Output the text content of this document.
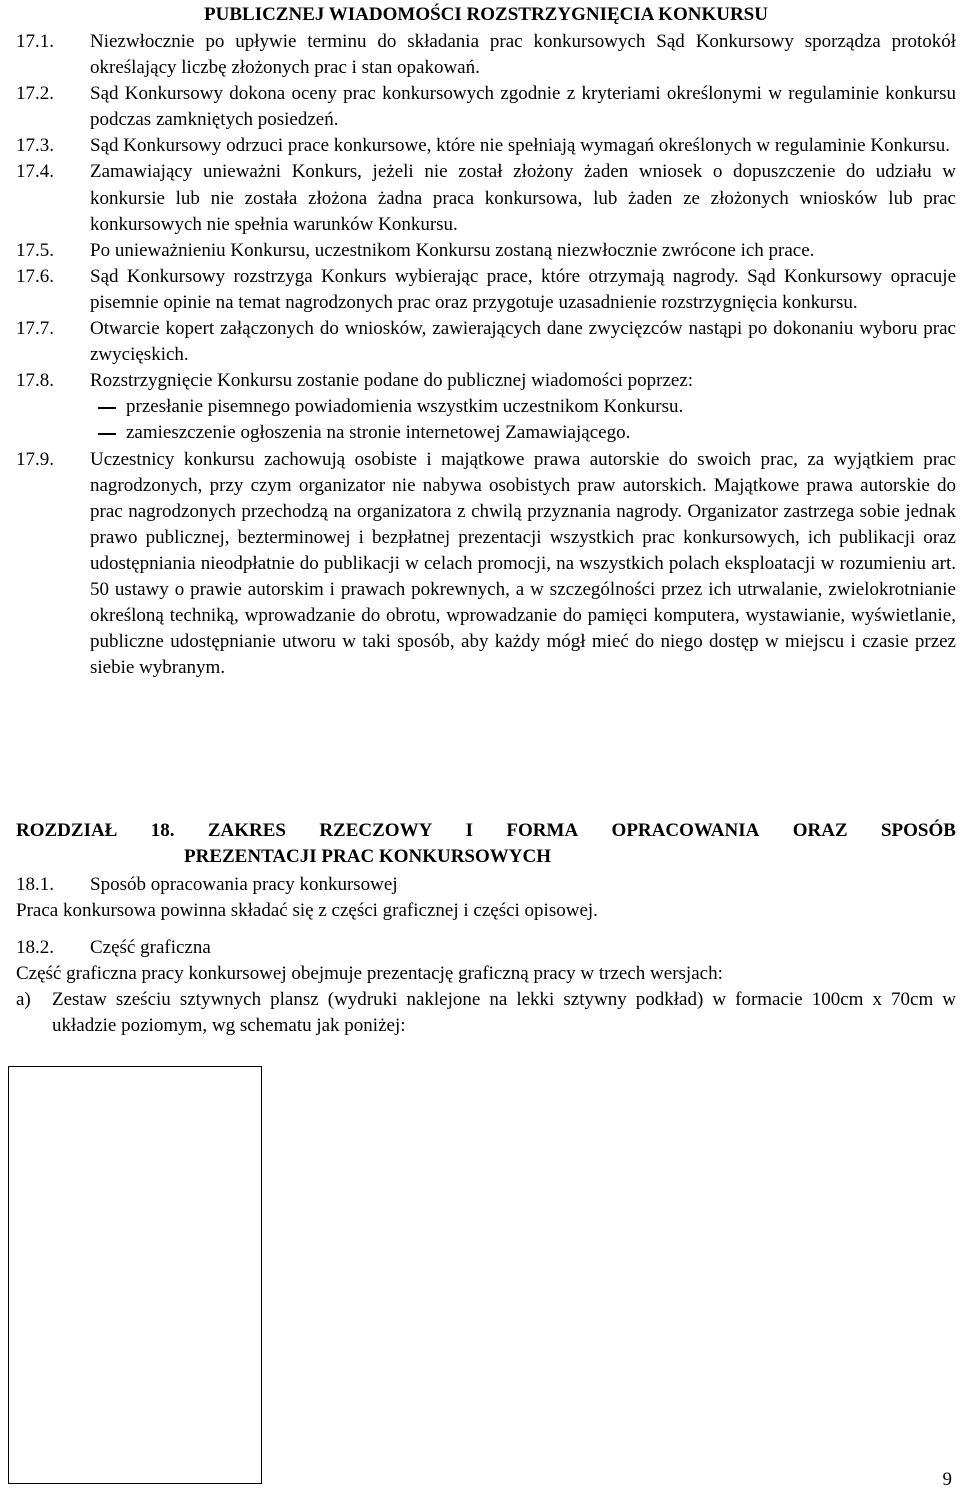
PUBLICZNEJ WIADOMOŚCI ROZSTRZYGNIĘCIA KONKURSU
17.1.	Niezwłocznie po upływie terminu do składania prac konkursowych Sąd Konkursowy sporządza protokół określający liczbę złożonych prac i stan opakowań.
17.2.	Sąd Konkursowy dokona oceny prac konkursowych zgodnie z kryteriami określonymi w regulaminie konkursu podczas zamkniętych posiedzeń.
17.3.	Sąd Konkursowy odrzuci prace konkursowe, które nie spełniają wymagań określonych w regulaminie Konkursu.
17.4.	Zamawiający unieważni Konkurs, jeżeli nie został złożony żaden wniosek o dopuszczenie do udziału w konkursie lub nie została złożona żadna praca konkursowa, lub żaden ze złożonych wniosków lub prac konkursowych nie spełnia warunków Konkursu.
17.5.	Po unieważnieniu Konkursu, uczestnikom Konkursu zostaną niezwłocznie zwrócone ich prace.
17.6.	Sąd Konkursowy rozstrzyga Konkurs wybierając prace, które otrzymają nagrody. Sąd Konkursowy opracuje pisemnie opinie na temat nagrodzonych prac oraz przygotuje uzasadnienie rozstrzygnięcia konkursu.
17.7.	Otwarcie kopert załączonych do wniosków, zawierających dane zwycięzców nastąpi po dokonaniu wyboru prac zwycięskich.
17.8.	Rozstrzygnięcie Konkursu zostanie podane do publicznej wiadomości poprzez:
przesłanie pisemnego powiadomienia wszystkim uczestnikom Konkursu.
zamieszczenie ogłoszenia na stronie internetowej Zamawiającego.
17.9.	Uczestnicy konkursu zachowują osobiste i majątkowe prawa autorskie do swoich prac, za wyjątkiem prac nagrodzonych, przy czym organizator nie nabywa osobistych praw autorskich. Majątkowe prawa autorskie do prac nagrodzonych przechodzą na organizatora z chwilą przyznania nagrody. Organizator zastrzega sobie jednak prawo publicznej, bezterminowej i bezpłatnej prezentacji wszystkich prac konkursowych, ich publikacji oraz udostępniania nieodpłatnie do publikacji w celach promocji, na wszystkich polach eksploatacji w rozumieniu art. 50 ustawy o prawie autorskim i prawach pokrewnych, a w szczególności przez ich utrwalanie, zwielokrotnianie określoną techniką, wprowadzanie do obrotu, wprowadzanie do pamięci komputera, wystawianie, wyświetlanie, publiczne udostępnianie utworu w taki sposób, aby każdy mógł mieć do niego dostęp w miejscu i czasie przez siebie wybranym.
ROZDZIAŁ 18. ZAKRES RZECZOWY I FORMA OPRACOWANIA ORAZ SPOSÓB
PREZENTACJI PRAC KONKURSOWYCH
18.1.	Sposób opracowania pracy konkursowej
Praca konkursowa powinna składać się z części graficznej i części opisowej.
18.2.	Część graficzna
Część graficzna pracy konkursowej obejmuje prezentację graficzną pracy w trzech wersjach:
a)	Zestaw sześciu sztywnych plansz (wydruki naklejone na lekki sztywny podkład) w formacie 100cm x 70cm w układzie poziomym, wg schematu jak poniżej:
9
